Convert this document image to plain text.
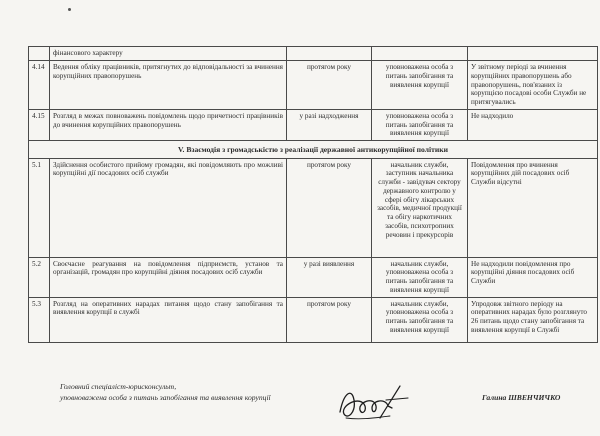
	фінансового характеру			
4.14	Ведення обліку працівників, притягнутих до відповідальності за вчинення корупційних правопорушень	протягом року	уповноважена особа з питань запобігання та виявлення корупції	У звітному періоді за вчинення корупційних правопорушень або правопорушень, пов'язаних із корупцією посадові особи Служби не притягувались
4.15	Розгляд в межах повноважень повідомлень щодо причетності працівників до вчинення корупційних правопорушень	у разі надходження	уповноважена особа з питань запобігання та виявлення корупції	Не надходило
V. Взаємодія з громадськістю з реалізації державної антикорупційної політики				
5.1	Здійснення особистого прийому громадян, які повідомляють про можливі корупційні дії посадових осіб служби	протягом року	начальник служби, заступник начальника служби - завідувач сектору державного контролю у сфері обігу лікарських засобів, медичної продукції та обігу наркотичних засобів, психотропних речовин і прекурсорів	Повідомлення про вчинення корупційних дій посадових осіб Служби відсутні
5.2	Своєчасне реагування на повідомлення підприємств, установ та організацій, громадян про корупційні діяння посадових осіб служби	у разі виявлення	начальник служби, уповноважена особа з питань запобігання та виявлення корупції	Не надходили повідомлення про корупційні діяння посадових осіб Служби
5.3	Розгляд на оперативних нарадах питання щодо стану запобігання та виявлення корупції в службі	протягом року	начальник служби, уповноважена особа з питань запобігання та виявлення корупції	Упродовж звітного періоду на оперативних нарадах було розглянуто 26 питань щодо стану запобігання та виявлення корупції в Службі
Головний спеціаліст-юрисконсульт,
уповноважена особа з питань запобігання та виявлення корупції	Галина ШВЕНЧИЧКО
